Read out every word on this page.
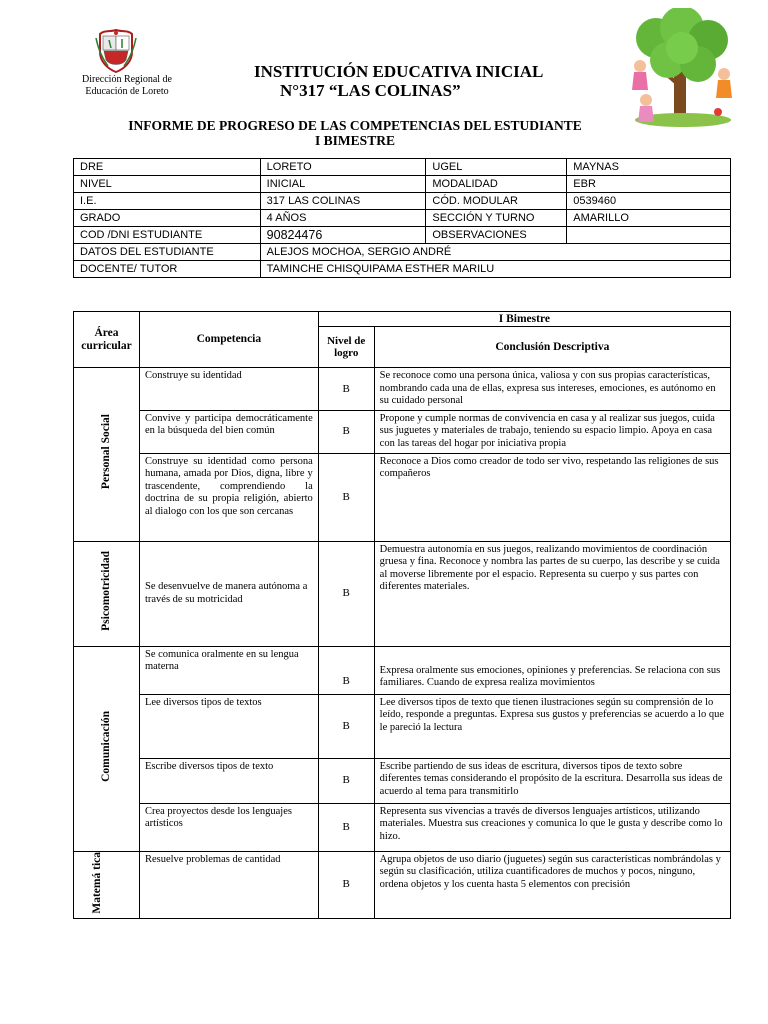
Dirección Regional de
Educación de Loreto
INSTITUCIÓN EDUCATIVA INICIAL
N°317 “LAS COLINAS”
INFORME DE PROGRESO DE LAS COMPETENCIAS DEL ESTUDIANTE
I BIMESTRE
DRE	LORETO	UGEL	MAYNAS
NIVEL	INICIAL	MODALIDAD	EBR
I.E.	317 LAS COLINAS	CÓD. MODULAR	0539460
GRADO	4 AÑOS	SECCIÓN Y TURNO	AMARILLO
COD /DNI ESTUDIANTE	90824476	OBSERVACIONES	
DATOS DEL ESTUDIANTE	ALEJOS MOCHOA, SERGIO ANDRÉ		
DOCENTE/ TUTOR	TAMINCHE CHISQUIPAMA ESTHER MARILU		
Área curricular	Competencia	I Bimestre	
		Nivel de logro	Conclusión Descriptiva
Personal Social	Construye su identidad	B	Se reconoce como una persona única, valiosa y con sus propias características, nombrando cada una de ellas, expresa sus intereses, emociones, es autónomo en su cuidado personal
	Convive y participa democráticamente en la búsqueda del bien común	B	Propone y cumple normas de convivencia en casa y al realizar sus juegos, cuida sus juguetes y materiales de trabajo, teniendo su espacio limpio. Apoya en casa con las tareas del hogar por iniciativa propia
	Construye su identidad como persona humana, amada por Dios, digna, libre y trascendente, comprendiendo la doctrina de su propia religión, abierto al dialogo con los que son cercanas	B	Reconoce a Dios como creador de todo ser vivo, respetando las religiones de sus compañeros
Psicomotricidad	Se desenvuelve de manera autónoma a través de su motricidad	B	Demuestra autonomía en sus juegos, realizando movimientos de coordinación gruesa y fina. Reconoce y nombra las partes de su cuerpo, las describe y se cuida al moverse libremente por el espacio. Representa su cuerpo y sus partes con diferentes materiales.
Comunicación	Se comunica oralmente en su lengua materna	B	Expresa oralmente sus emociones, opiniones y preferencias. Se relaciona con sus familiares. Cuando de expresa realiza movimientos
	Lee diversos tipos de textos	B	Lee diversos tipos de texto que tienen ilustraciones según su comprensión de lo leído, responde a preguntas. Expresa sus gustos y preferencias se acuerdo a lo que le pareció la lectura
	Escribe diversos tipos de texto	B	Escribe partiendo de sus ideas de escritura, diversos tipos de texto sobre diferentes temas considerando el propósito de la escritura. Desarrolla sus ideas de acuerdo al tema para transmitirlo
	Crea proyectos desde los lenguajes artísticos	B	Representa sus vivencias a través de diversos lenguajes artísticos, utilizando materiales. Muestra sus creaciones y comunica lo que le gusta y describe como lo hizo.
Matemá tica	Resuelve problemas de cantidad	B	Agrupa objetos de uso diario (juguetes) según sus características nombrándolas y según su clasificación, utiliza cuantificadores de muchos y pocos, ninguno, ordena objetos y los cuenta hasta 5 elementos con precisión
